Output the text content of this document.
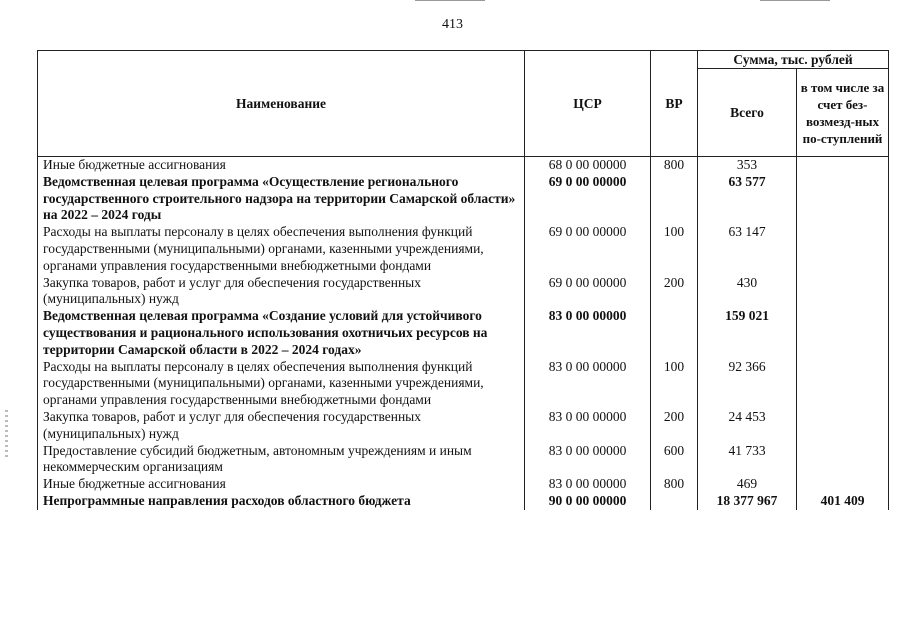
413
Наименование	ЦСР	ВР	Сумма, тыс. рублей	
			Всего	в том числе за счет без-возмезд-ных по-ступлений
Иные бюджетные ассигнования	68 0 00 00000	800	353	
Ведомственная целевая программа «Осуществление регионального государственного строительного надзора на территории Самарской области» на 2022 – 2024 годы	69 0 00 00000		63 577	
Расходы на выплаты персоналу в целях обеспечения выполнения функций государственными (муниципальными) органами, казенными учреждениями, органами управления государственными внебюджетными фондами	69 0 00 00000	100	63 147	
Закупка товаров, работ и услуг для обеспечения государственных (муниципальных) нужд	69 0 00 00000	200	430	
Ведомственная целевая программа «Создание условий для устойчивого существования и рационального использования охотничьих ресурсов на территории Самарской области в 2022 – 2024 годах»	83 0 00 00000		159 021	
Расходы на выплаты персоналу в целях обеспечения выполнения функций государственными (муниципальными) органами, казенными учреждениями, органами управления государственными внебюджетными фондами	83 0 00 00000	100	92 366	
Закупка товаров, работ и услуг для обеспечения государственных (муниципальных) нужд	83 0 00 00000	200	24 453	
Предоставление субсидий бюджетным, автономным учреждениям и иным некоммерческим организациям	83 0 00 00000	600	41 733	
Иные бюджетные ассигнования	83 0 00 00000	800	469	
Непрограммные направления расходов областного бюджета	90 0 00 00000		18 377 967	401 409
